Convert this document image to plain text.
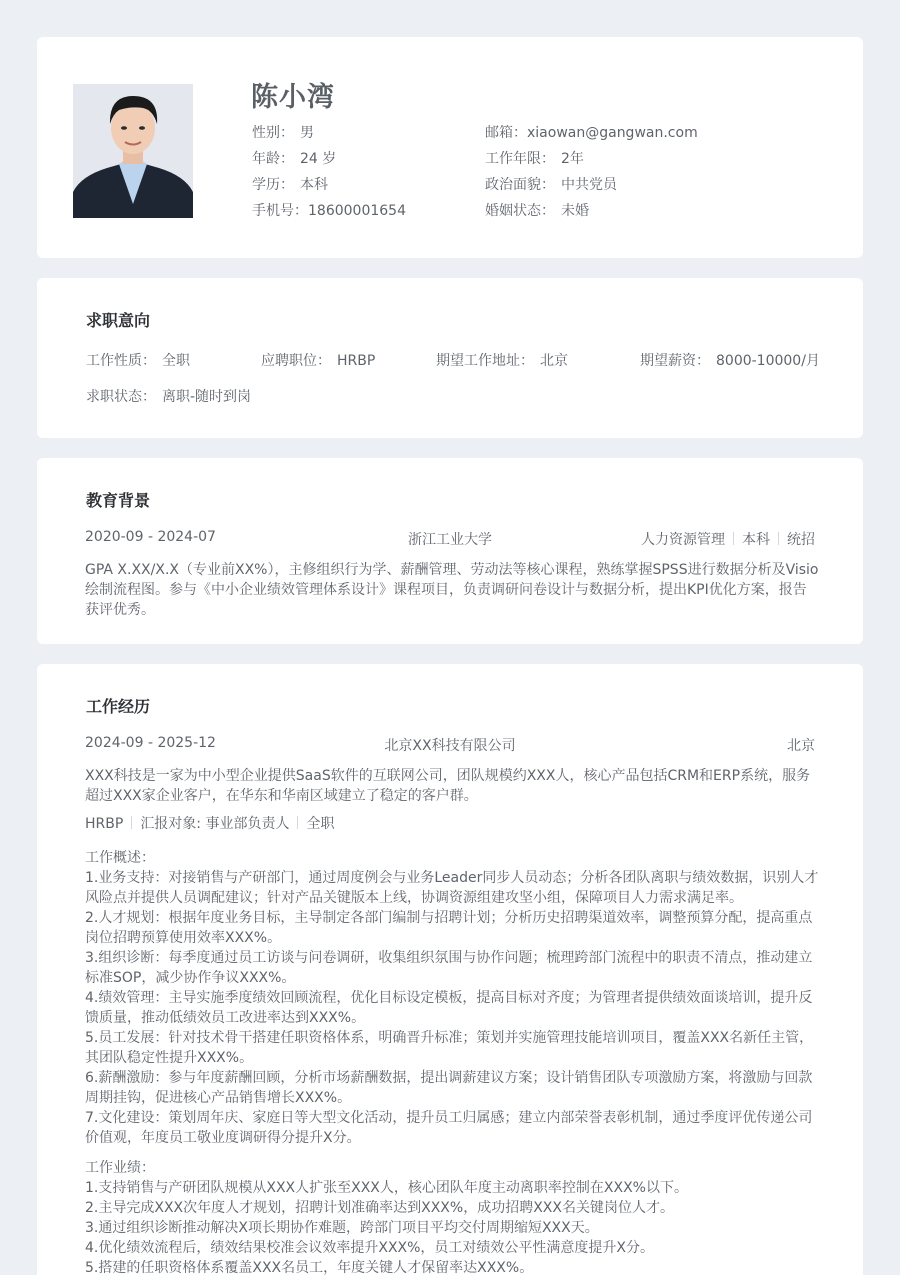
陈小湾
性别： 男
年龄： 24 岁
学历： 本科
手机号：18600001654
邮箱：xiaowan@gangwan.com
工作年限： 2年
政治面貌： 中共党员
婚姻状态： 未婚
求职意向
工作性质： 全职	应聘职位： HRBP	期望工作地址： 北京	期望薪资： 8000-10000/月
求职状态： 离职-随时到岗
教育背景
2020-09 - 2024-07	浙江工业大学	人力资源管理 本科 统招
GPA X.XX/X.X（专业前XX%），主修组织行为学、薪酬管理、劳动法等核心课程，熟练掌握SPSS进行数据分析及Visio绘制流程图。参与《中小企业绩效管理体系设计》课程项目，负责调研问卷设计与数据分析，提出KPI优化方案，报告获评优秀。
工作经历
2024-09 - 2025-12	北京XX科技有限公司	北京
XXX科技是一家为中小型企业提供SaaS软件的互联网公司，团队规模约XXX人，核心产品包括CRM和ERP系统，服务超过XXX家企业客户，在华东和华南区域建立了稳定的客户群。
HRBP 汇报对象: 事业部负责人 全职
工作概述：
1.业务支持：对接销售与产研部门，通过周度例会与业务Leader同步人员动态；分析各团队离职与绩效数据，识别人才风险点并提供人员调配建议；针对产品关键版本上线，协调资源组建攻坚小组，保障项目人力需求满足率。
2.人才规划：根据年度业务目标，主导制定各部门编制与招聘计划；分析历史招聘渠道效率，调整预算分配，提高重点岗位招聘预算使用效率XXX%。
3.组织诊断：每季度通过员工访谈与问卷调研，收集组织氛围与协作问题；梳理跨部门流程中的职责不清点，推动建立标准SOP，减少协作争议XXX%。
4.绩效管理：主导实施季度绩效回顾流程，优化目标设定模板，提高目标对齐度；为管理者提供绩效面谈培训，提升反馈质量，推动低绩效员工改进率达到XXX%。
5.员工发展：针对技术骨干搭建任职资格体系，明确晋升标准；策划并实施管理技能培训项目，覆盖XXX名新任主管，其团队稳定性提升XXX%。
6.薪酬激励：参与年度薪酬回顾，分析市场薪酬数据，提出调薪建议方案；设计销售团队专项激励方案，将激励与回款周期挂钩，促进核心产品销售增长XXX%。
7.文化建设：策划周年庆、家庭日等大型文化活动，提升员工归属感；建立内部荣誉表彰机制，通过季度评优传递公司价值观，年度员工敬业度调研得分提升X分。
工作业绩：
1.支持销售与产研团队规模从XXX人扩张至XXX人，核心团队年度主动离职率控制在XXX%以下。
2.主导完成XXX次年度人才规划，招聘计划准确率达到XXX%，成功招聘XXX名关键岗位人才。
3.通过组织诊断推动解决X项长期协作难题，跨部门项目平均交付周期缩短XXX天。
4.优化绩效流程后，绩效结果校准会议效率提升XXX%，员工对绩效公平性满意度提升X分。
5.搭建的任职资格体系覆盖XXX名员工，年度关键人才保留率达XXX%。
